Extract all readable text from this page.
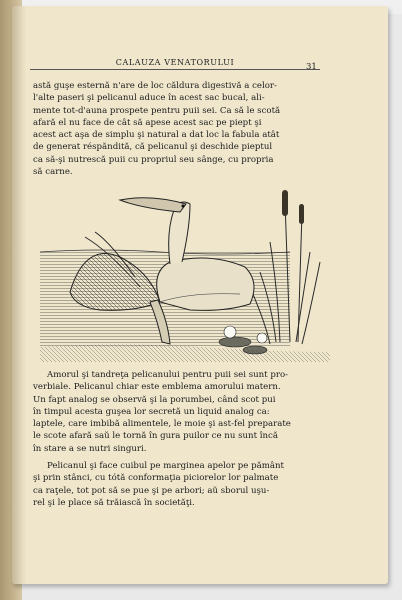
CALAUZA VENATORULUI	31

astă guşe esternă n'are de loc căldura digestivă a celor-
l'alte paseri şi pelicanul aduce în acest sac bucal, ali-
mente tot-d'auna prospete pentru puii sei. Ca să le scotă
afară el nu face de cât să apese acest sac pe piept şi
acest act aşa de simplu şi natural a dat loc la fabula atât
de generat réspăndită, că pelicanul şi deschide pieptul
ca să-şi nutrescă puii cu propriul seu sânge, cu propria
să carne.

Amorul şi tandreţa pelicanului pentru puii sei sunt pro-
verbiale. Pelicanul chiar este emblema amorului matern.
Un fapt analog se observă şi la porumbei, când scot pui
în timpul acesta guşea lor secretă un liquid analog ca:
laptele, care imbibă alimentele, le moie şi ast-fel preparate
le scote afară saŭ le tornă în gura puilor ce nu sunt încă
în stare a se nutri singuri.

Pelicanul şi face cuibul pe marginea apelor pe pământ
şi prin stânci, cu tótă conformaţia piciorelor lor palmate
ca raţele, tot pot să se pue şi pe arbori; aŭ sborul uşu-
rel şi le place să trăiască în societăţi.
